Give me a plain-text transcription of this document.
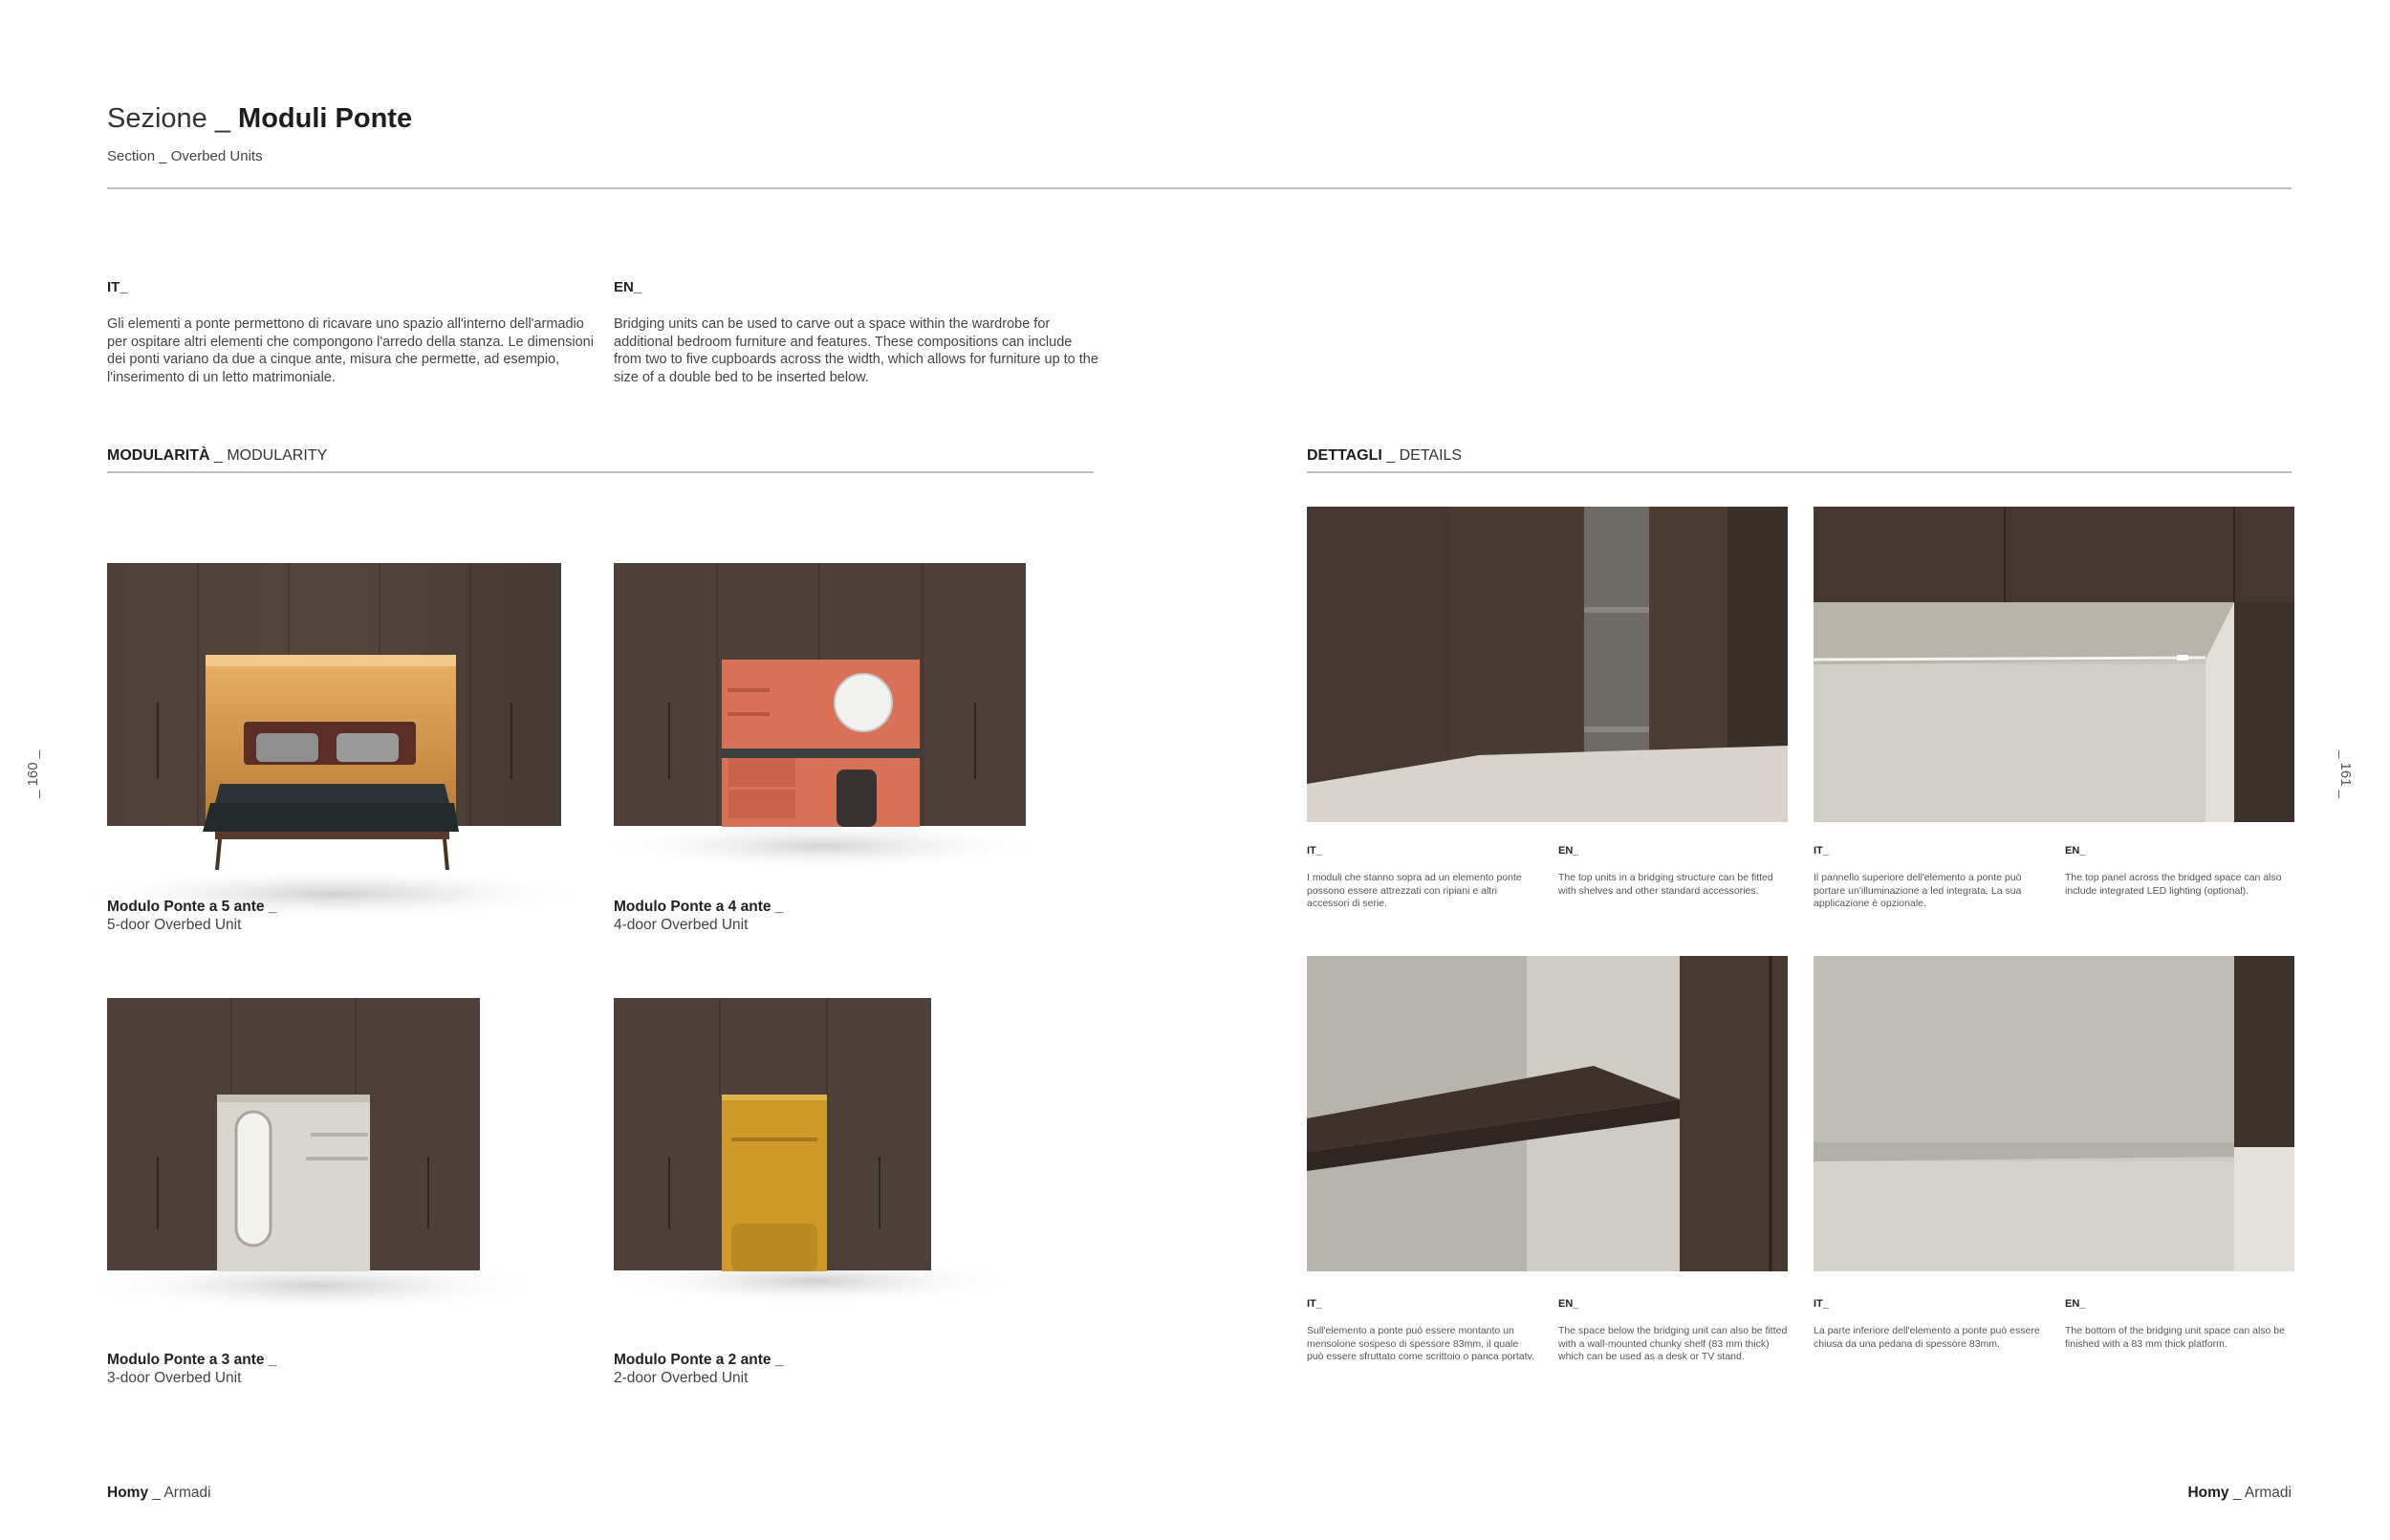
Sezione _ Moduli Ponte
Section _ Overbed Units
IT_
Gli elementi a ponte permettono di ricavare uno spazio all'interno dell'armadio per ospitare altri elementi che compongono l'arredo della stanza. Le dimensioni dei ponti variano da due a cinque ante, misura che permette, ad esempio, l'inserimento di un letto matrimoniale.
EN_
Bridging units can be used to carve out a space within the wardrobe for additional bedroom furniture and features. These compositions can include from two to five cupboards across the width, which allows for furniture up to the size of a double bed to be inserted below.
MODULARITÀ _ MODULARITY	DETTAGLI _ DETAILS
Modulo Ponte a 5 ante _
5-door Overbed Unit
Modulo Ponte a 4 ante _
4-door Overbed Unit
Modulo Ponte a 3 ante _
3-door Overbed Unit
Modulo Ponte a 2 ante _
2-door Overbed Unit
IT_
I moduli che stanno sopra ad un elemento ponte possono essere attrezzati con ripiani e altri accessori di serie.
EN_
The top units in a bridging structure can be fitted with shelves and other standard accessories.
IT_
Il pannello superiore dell'elemento a ponte può portare un'illuminazione a led integrata. La sua applicazione è opzionale.
EN_
The top panel across the bridged space can also include integrated LED lighting (optional).
IT_
Sull'elemento a ponte può essere montanto un mensolone sospeso di spessore 83mm, il quale può essere sfruttato come scrittoio o panca portatv.
EN_
The space below the bridging unit can also be fitted with a wall-mounted chunky shelf (83 mm thick) which can be used as a desk or TV stand.
IT_
La parte inferiore dell'elemento a ponte può essere chiusa da una pedana di spessore 83mm.
EN_
The bottom of the bridging unit space can also be finished with a 83 mm thick platform.
_ 160 _	_ 161 _
Homy _ Armadi	Homy _ Armadi
